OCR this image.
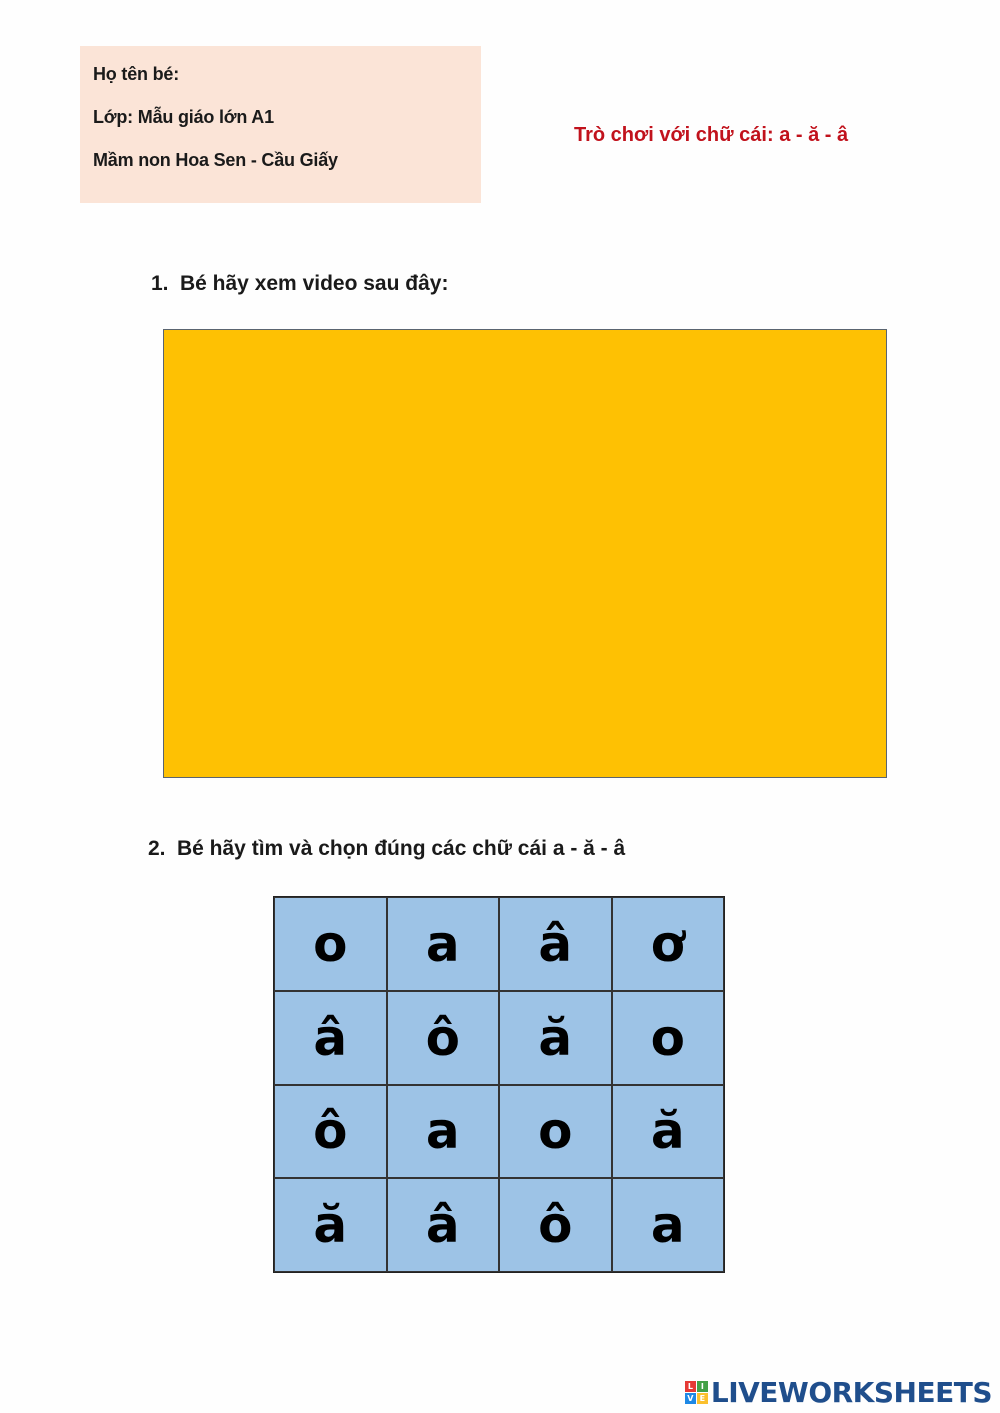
Họ tên bé:
Lớp: Mẫu giáo lớn A1
Mầm non Hoa Sen - Cầu Giấy
Trò chơi với chữ cái: a - ă - â
1. Bé hãy xem video sau đây:
2. Bé hãy tìm và chọn đúng các chữ cái a - ă - â
o	a	â	ơ
â	ô	ă	o
ô	a	o	ă
ă	â	ô	a
L I
V E LIVEWORKSHEETS
